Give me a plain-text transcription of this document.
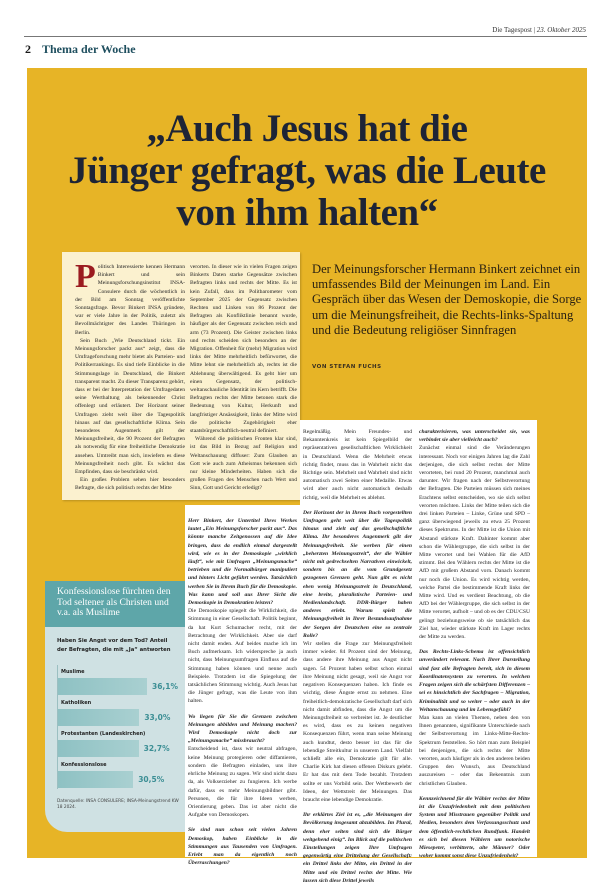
Die Tagespost | 23. Oktober 2025
2 Thema der Woche
„Auch Jesus hat die
Jünger gefragt, was die Leute
von ihm halten“

Politisch Interessierte kennen Hermann Binkert und sein Meinungsforschungsinstitut INSA-Consulere durch die wöchentlich in der Bild am Sonntag veröffentlichte Sonntagsfrage. Bevor Binkert INSA gründete, war er viele Jahre in der Politik, zuletzt als Bevollmächtigter des Landes Thüringen in Berlin.

Sein Buch „Wie Deutschland tickt. Ein Meinungsforscher packt aus“ zeigt, dass die Umfrageforschung mehr bietet als Parteien- und Politikerrankings. Es sind tiefe Einblicke in die Stimmungslage in Deutschland, die Binkert transparent macht. Zu dieser Transparenz gehört, dass er bei der Interpretation der Umfragedaten seine Werthaltung als bekennender Christ offenlegt und erläutert. Der Horizont seiner Umfragen zieht weit über die Tagespolitik hinaus auf das gesellschaftliche Klima. Sein besonderes Augenmerk gilt der Meinungsfreiheit, die 90 Prozent der Befragten als notwendig für eine freiheitliche Demokratie ansehen. Umtreibt man sich, inwiefern es diese Meinungsfreiheit noch gibt. Es wächst das Empfinden, dass sie beschränkt wird.

Ein großes Problem sehen hier besonders Befragte, die sich politisch rechts der Mitte

verorten. In dieser wie in vielen Fragen zeigen Binkerts Daten starke Gegensätze zwischen Befragten links und rechts der Mitte. Es ist kein Zufall, dass im Politbarometer vom September 2025 der Gegensatz zwischen Rechten und Linken von 86 Prozent der Befragten als Konfliktlinie benannt wurde, häufiger als der Gegensatz zwischen reich und arm (73 Prozent). Die Geister zwischen links und rechts scheiden sich besonders an der Migration. Offenheit für (mehr) Migration wird links der Mitte mehrheitlich befürwortet, die Mitte lehnt sie mehrheitlich ab, rechts ist die Ablehnung überwältigend. Es geht hier um einen Gegensatz, der politisch-weltanschauliche Identität im Kern betrifft. Die Befragten rechts der Mitte betonen stark die Bedeutung von Kultur, Herkunft und langfristiger Ansässigkeit, links der Mitte wird die politische Zugehörigkeit eher staatsbürgerschaftlich-neutral definiert.

Während die politischen Fronten klar sind, ist das Bild in Bezug auf Religion und Weltanschauung diffuser: Zum Glauben an Gott wie auch zum Atheismus bekennen sich nur kleine Minderheiten. Haben sich die großen Fragen des Menschen nach Wert und Sinn, Gott und Gericht erledigt?

Der Meinungsforscher Hermann Binkert zeichnet ein umfassendes Bild der Meinungen im Land. Ein Gespräch über das Wesen der Demoskopie, die Sorge um die Meinungsfreiheit, die Rechts-links-Spaltung und die Bedeutung religiöser Sinnfragen
VON STEFAN FUCHS

Herr Binkert, der Untertitel Ihres Werkes lautet „Ein Meinungsforscher packt aus“. Das könnte manche Zeitgenossen auf die Idee bringen, dass da endlich einmal dargestellt wird, wie es in der Demoskopie „wirklich läuft“, wie mit Umfragen „Meinungsmache“ betrieben und die Normalbürger manipuliert und hinters Licht geführt werden. Tatsächlich werben Sie in Ihrem Buch für die Demoskopie. Was kann und soll aus Ihrer Sicht die Demoskopie in Demokratien leisten?

Die Demoskopie spiegelt die Wirklichkeit, die Stimmung in einer Gesellschaft. Politik beginnt, da hat Kurt Schumacher recht, mit der Betrachtung der Wirklichkeit. Aber sie darf nicht damit enden. Auf beides mache ich im Buch aufmerksam. Ich widerspreche ja auch nicht, dass Meinungsumfragen Einfluss auf die Stimmung haben können und nenne auch Beispiele. Trotzdem ist die Spiegelung der tatsächlichen Stimmung wichtig. Auch Jesus hat die Jünger gefragt, was die Leute von ihm halten.

Wo liegen für Sie die Grenzen zwischen Meinungen abbilden und Meinung machen? Wird Demoskopie nicht doch zur „Meinungsmache“ missbraucht?

Entscheidend ist, dass wir neutral abfragen, keine Meinung protegieren oder diffamieren, sondern die Befragten einladen, uns ihre ehrliche Meinung zu sagen. Wir sind nicht dazu da, als Volkserzieher zu fungieren. Ich werbe dafür, dass es mehr Meinungsbildner gibt. Personen, die für ihre Ideen werben, Orientierung geben. Das ist aber nicht die Aufgabe von Demoskopen.

Sie sind nun schon seit vielen Jahren Demoskop, haben Einblicke in die Stimmungen aus Tausenden von Umfragen. Erlebt man da eigentlich noch Überraschungen?

Regelmäßig. Mein Freundes- und Bekanntenkreis ist kein Spiegelbild der repräsentativen gesellschaftlichen Wirklichkeit in Deutschland. Wenn die Mehrheit etwas richtig findet, muss das in Wahrheit nicht das Richtige sein. Mehrheit und Wahrheit sind nicht automatisch zwei Seiten einer Medaille. Etwas wird aber auch nicht automatisch deshalb richtig, weil die Mehrheit es ablehnt.

Der Horizont der in Ihrem Buch vorgestellten Umfragen geht weit über die Tagespolitik hinaus und zielt auf das gesellschaftliche Klima. Ihr besonderes Augenmerk gilt der Meinungsfreiheit. Sie werben für einen „beherzten Meinungsstreit“, der die Wähler nicht mit gedrechselten Narrativen einwickelt, sondern bis an die vom Grundgesetz gezogenen Grenzen geht. Nun gibt es nicht eben wenig Meinungsstreit in Deutschland, eine breite, pluralistische Parteien- und Medienlandschaft. DDR-Bürger haben anderes erlebt. Warum spielt die Meinungsfreiheit in Ihrer Bestandsaufnahme der Sorgen der Deutschen eine so zentrale Rolle?

Wir stellen die Frage zur Meinungsfreiheit immer wieder. 84 Prozent sind der Meinung, dass andere ihre Meinung aus Angst nicht sagen. 54 Prozent haben selbst schon einmal ihre Meinung nicht gesagt, weil sie Angst vor negativen Konsequenzen haben. Ich finde es wichtig, diese Ängste ernst zu nehmen. Eine freiheitlich-demokratische Gesellschaft darf sich nicht damit abfinden, dass die Angst um die Meinungsfreiheit so verbreitet ist. Je deutlicher es wird, dass es zu keinen negativen Konsequenzen führt, wenn man seine Meinung auch kundtut, desto besser ist das für die lebendige Streitkultur in unserem Land. Vielfalt schließt alle ein, Demokratie gilt für alle. Charlie Kirk hat diesen offenen Diskurs gelebt. Er hat das mit dem Tode bezahlt. Trotzdem sollte er uns Vorbild sein. Der Wettbewerb der Ideen, der Wettstreit der Meinungen. Das braucht eine lebendige Demokratie.

Ihr erklärtes Ziel ist es, „die Meinungen der Bevölkerung insgesamt abzubilden. Im Plural, denn eher selten sind sich die Bürger weitgehend einig“. Im Blick auf die politischen Einstellungen zeigen Ihre Umfragen gegenwärtig eine Drittelung der Gesellschaft: ein Drittel links der Mitte, ein Drittel in der Mitte und ein Drittel rechts der Mitte. Wie lassen sich diese Drittel jeweils

charakterisieren, was unterscheidet sie, was verbindet sie aber vielleicht auch?

Zunächst einmal sind die Veränderungen interessant. Noch vor einigen Jahren lag die Zahl derjenigen, die sich selbst rechts der Mitte verorteten, bei rund 20 Prozent, manchmal auch darunter. Wir fragen nach der Selbstverortung der Befragten. Die Parteien müssen sich meines Erachtens selbst entscheiden, wo sie sich selbst verorten möchten. Links der Mitte teilen sich die drei linken Parteien – Linke, Grüne und SPD – ganz überwiegend jeweils zu etwa 25 Prozent dieses Spektrums. In der Mitte ist die Union mit Abstand stärkste Kraft. Dahinter kommt aber schon die Wählergruppe, die sich selbst in der Mitte verortet und bei Wahlen für die AfD stimmt. Bei den Wählern rechts der Mitte ist die AfD mit großem Abstand vorn. Danach kommt nur noch die Union. Es wird wichtig werden, welche Partei die bestimmende Kraft links der Mitte wird. Und es verdient Beachtung, ob die AfD bei der Wählergruppe, die sich selbst in der Mitte verortet, aufholt – und ob es der CDU/CSU gelingt beziehungsweise ob sie tatsächlich das Ziel hat, wieder stärkste Kraft im Lager rechts der Mitte zu werden.

Das Rechts-Links-Schema ist offensichtlich unverändert relevant. Nach Ihrer Darstellung sind fast alle Befragten bereit, sich in diesem Koordinatensystem zu verorten. In welchen Fragen zeigen sich die schärfsten Differenzen – sei es hinsichtlich der Sachfragen – Migration, Kriminalität und so weiter – oder auch in der Weltanschauung und im Lebensgefühl?

Man kann an vielen Themen, neben den von Ihnen genannten, signifikante Unterschiede nach der Selbstverortung im Links-Mitte-Rechts-Spektrum feststellen. So hört man zum Beispiel bei denjenigen, die sich rechts der Mitte verorten, auch häufiger als in den anderen beiden Gruppen den Wunsch, aus Deutschland auszureisen – oder das Bekenntnis zum christlichen Glauben.

Kennzeichnend für die Wähler rechts der Mitte ist die Unzufriedenheit mit dem politischen System und Misstrauen gegenüber Politik und Medien, besonders dem Verfassungsschutz und dem öffentlich-rechtlichen Rundfunk. Handelt es sich bei diesen Wählern um notorische Miesepeter, verbitterte, alte Männer? Oder woher kommt sonst diese Unzufriedenheit?

Konfessionslose fürchten den Tod seltener als Christen und v.a. als Muslime
Haben Sie Angst vor dem Tod? Anteil der Befragten, die mit „Ja“ antworten
Muslime
36,1%
Katholiken
33,0%
Protestanten (Landeskirchen)
32,7%
Konfessionslose
30,5%
Datenquelle: INSA CONSULERE; INSA-Meinungstrend KW 18 2024.
